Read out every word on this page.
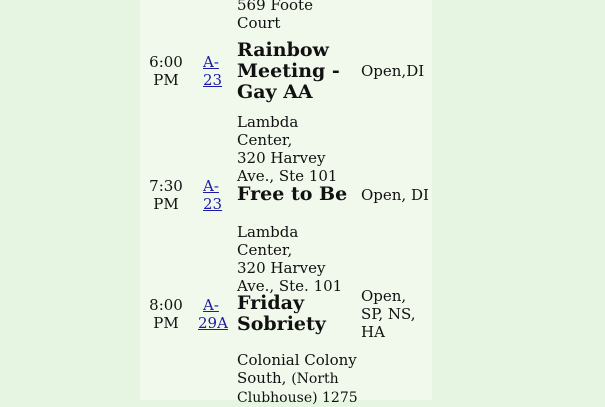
569 Foote
Court
6:00
PM
A-
23
Rainbow
Meeting -
Gay AA
Open,DI
Lambda Center,
320 Harvey
Ave., Ste 101
7:30
PM
A-
23 Free to Be Open, DI
Lambda Center,
320 Harvey
Ave., Ste. 101
8:00
PM
A-
29A
Friday
Sobriety
Open,
SP, NS,
HA
Colonial Colony
South, (North
Clubhouse) 1275
